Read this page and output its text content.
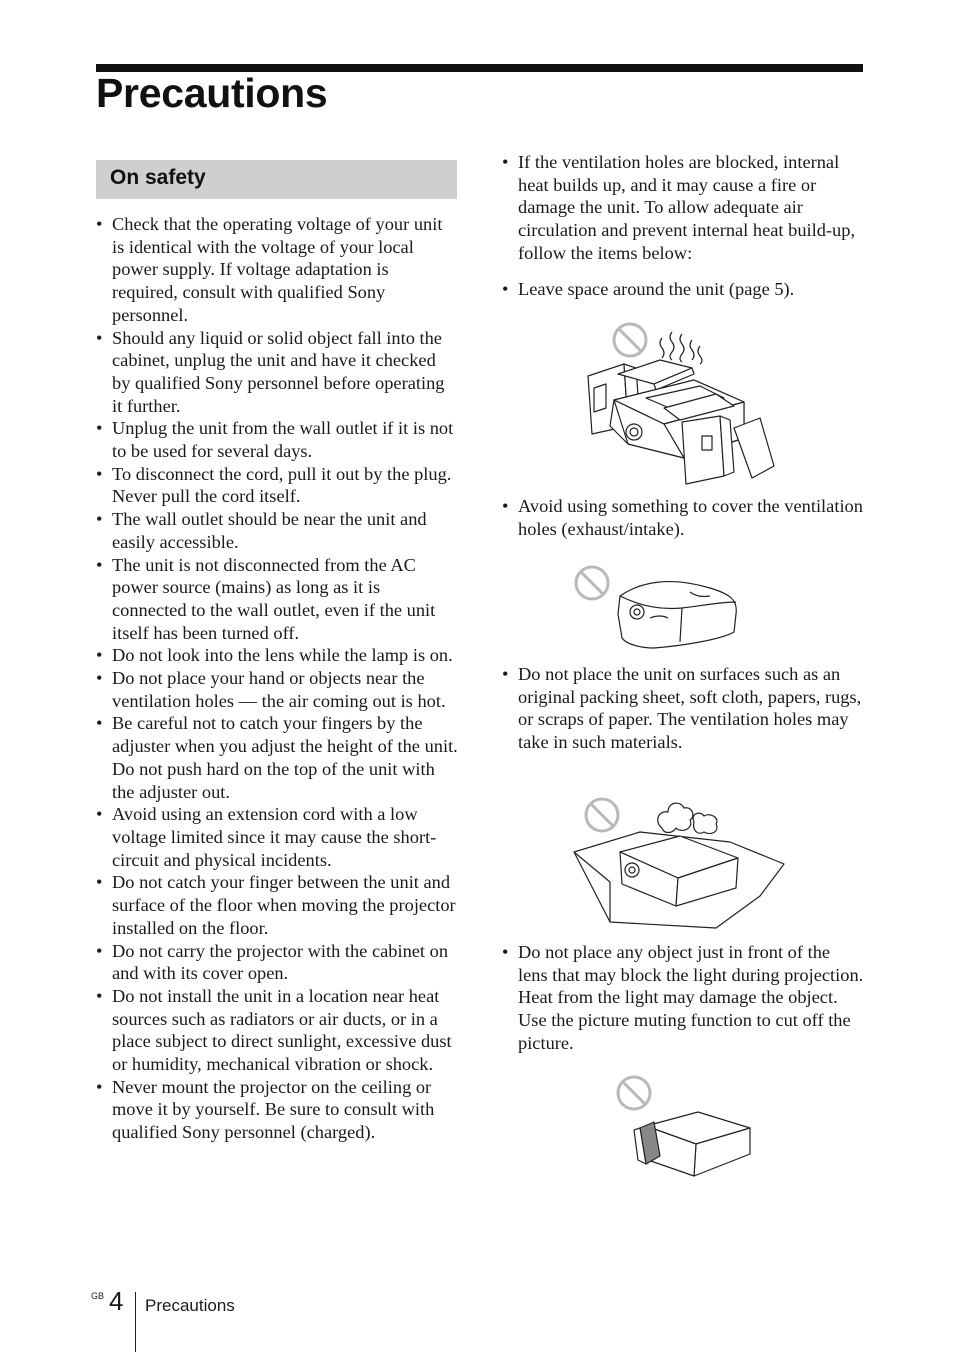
Precautions
On safety
• Check that the operating voltage of your unit is identical with the voltage of your local power supply. If voltage adaptation is required, consult with qualified Sony personnel.
• Should any liquid or solid object fall into the cabinet, unplug the unit and have it checked by qualified Sony personnel before operating it further.
• Unplug the unit from the wall outlet if it is not to be used for several days.
• To disconnect the cord, pull it out by the plug. Never pull the cord itself.
• The wall outlet should be near the unit and easily accessible.
• The unit is not disconnected from the AC power source (mains) as long as it is connected to the wall outlet, even if the unit itself has been turned off.
• Do not look into the lens while the lamp is on.
• Do not place your hand or objects near the ventilation holes — the air coming out is hot.
• Be careful not to catch your fingers by the adjuster when you adjust the height of the unit. Do not push hard on the top of the unit with the adjuster out.
• Avoid using an extension cord with a low voltage limited since it may cause the short-circuit and physical incidents.
• Do not catch your finger between the unit and surface of the floor when moving the projector installed on the floor.
• Do not carry the projector with the cabinet on and with its cover open.
• Do not install the unit in a location near heat sources such as radiators or air ducts, or in a place subject to direct sunlight, excessive dust or humidity, mechanical vibration or shock.
• Never mount the projector on the ceiling or move it by yourself. Be sure to consult with qualified Sony personnel (charged).
• If the ventilation holes are blocked, internal heat builds up, and it may cause a fire or damage the unit. To allow adequate air circulation and prevent internal heat build-up, follow the items below:
• Leave space around the unit (page 5).
• Avoid using something to cover the ventilation holes (exhaust/intake).
• Do not place the unit on surfaces such as an original packing sheet, soft cloth, papers, rugs, or scraps of paper. The ventilation holes may take in such materials.
• Do not place any object just in front of the lens that may block the light during projection. Heat from the light may damage the object. Use the picture muting function to cut off the picture.
GB 4 Precautions
